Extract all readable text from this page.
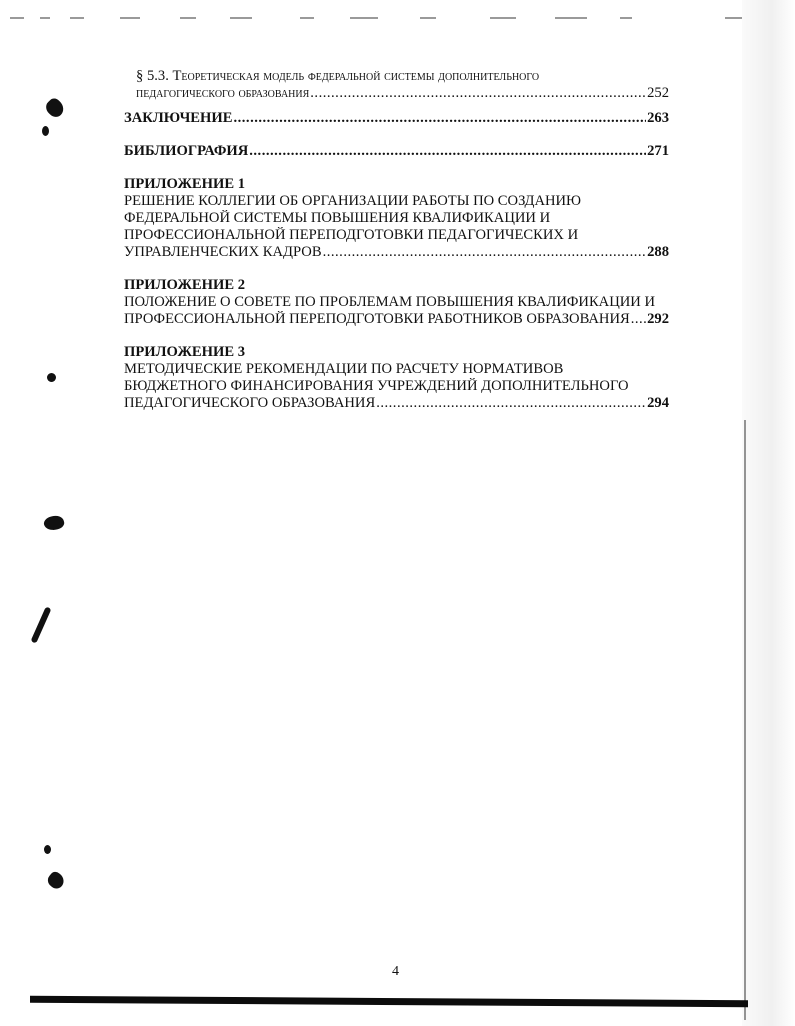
§ 5.3. Теоретическая модель федеральной системы дополнительного
педагогического образования .....	252
ЗАКЛЮЧЕНИЕ .....	263
БИБЛИОГРАФИЯ .....	271
ПРИЛОЖЕНИЕ 1
РЕШЕНИЕ КОЛЛЕГИИ ОБ ОРГАНИЗАЦИИ РАБОТЫ ПО СОЗДАНИЮ
ФЕДЕРАЛЬНОЙ СИСТЕМЫ ПОВЫШЕНИЯ КВАЛИФИКАЦИИ И
ПРОФЕССИОНАЛЬНОЙ ПЕРЕПОДГОТОВКИ ПЕДАГОГИЧЕСКИХ И
УПРАВЛЕНЧЕСКИХ КАДРОВ .....	288
ПРИЛОЖЕНИЕ 2
ПОЛОЖЕНИЕ О СОВЕТЕ ПО ПРОБЛЕМАМ ПОВЫШЕНИЯ КВАЛИФИКАЦИИ И
ПРОФЕССИОНАЛЬНОЙ ПЕРЕПОДГОТОВКИ РАБОТНИКОВ ОБРАЗОВАНИЯ ..... 292
ПРИЛОЖЕНИЕ 3
МЕТОДИЧЕСКИЕ РЕКОМЕНДАЦИИ ПО РАСЧЕТУ НОРМАТИВОВ
БЮДЖЕТНОГО ФИНАНСИРОВАНИЯ УЧРЕЖДЕНИЙ ДОПОЛНИТЕЛЬНОГО
ПЕДАГОГИЧЕСКОГО ОБРАЗОВАНИЯ .....	294
4
